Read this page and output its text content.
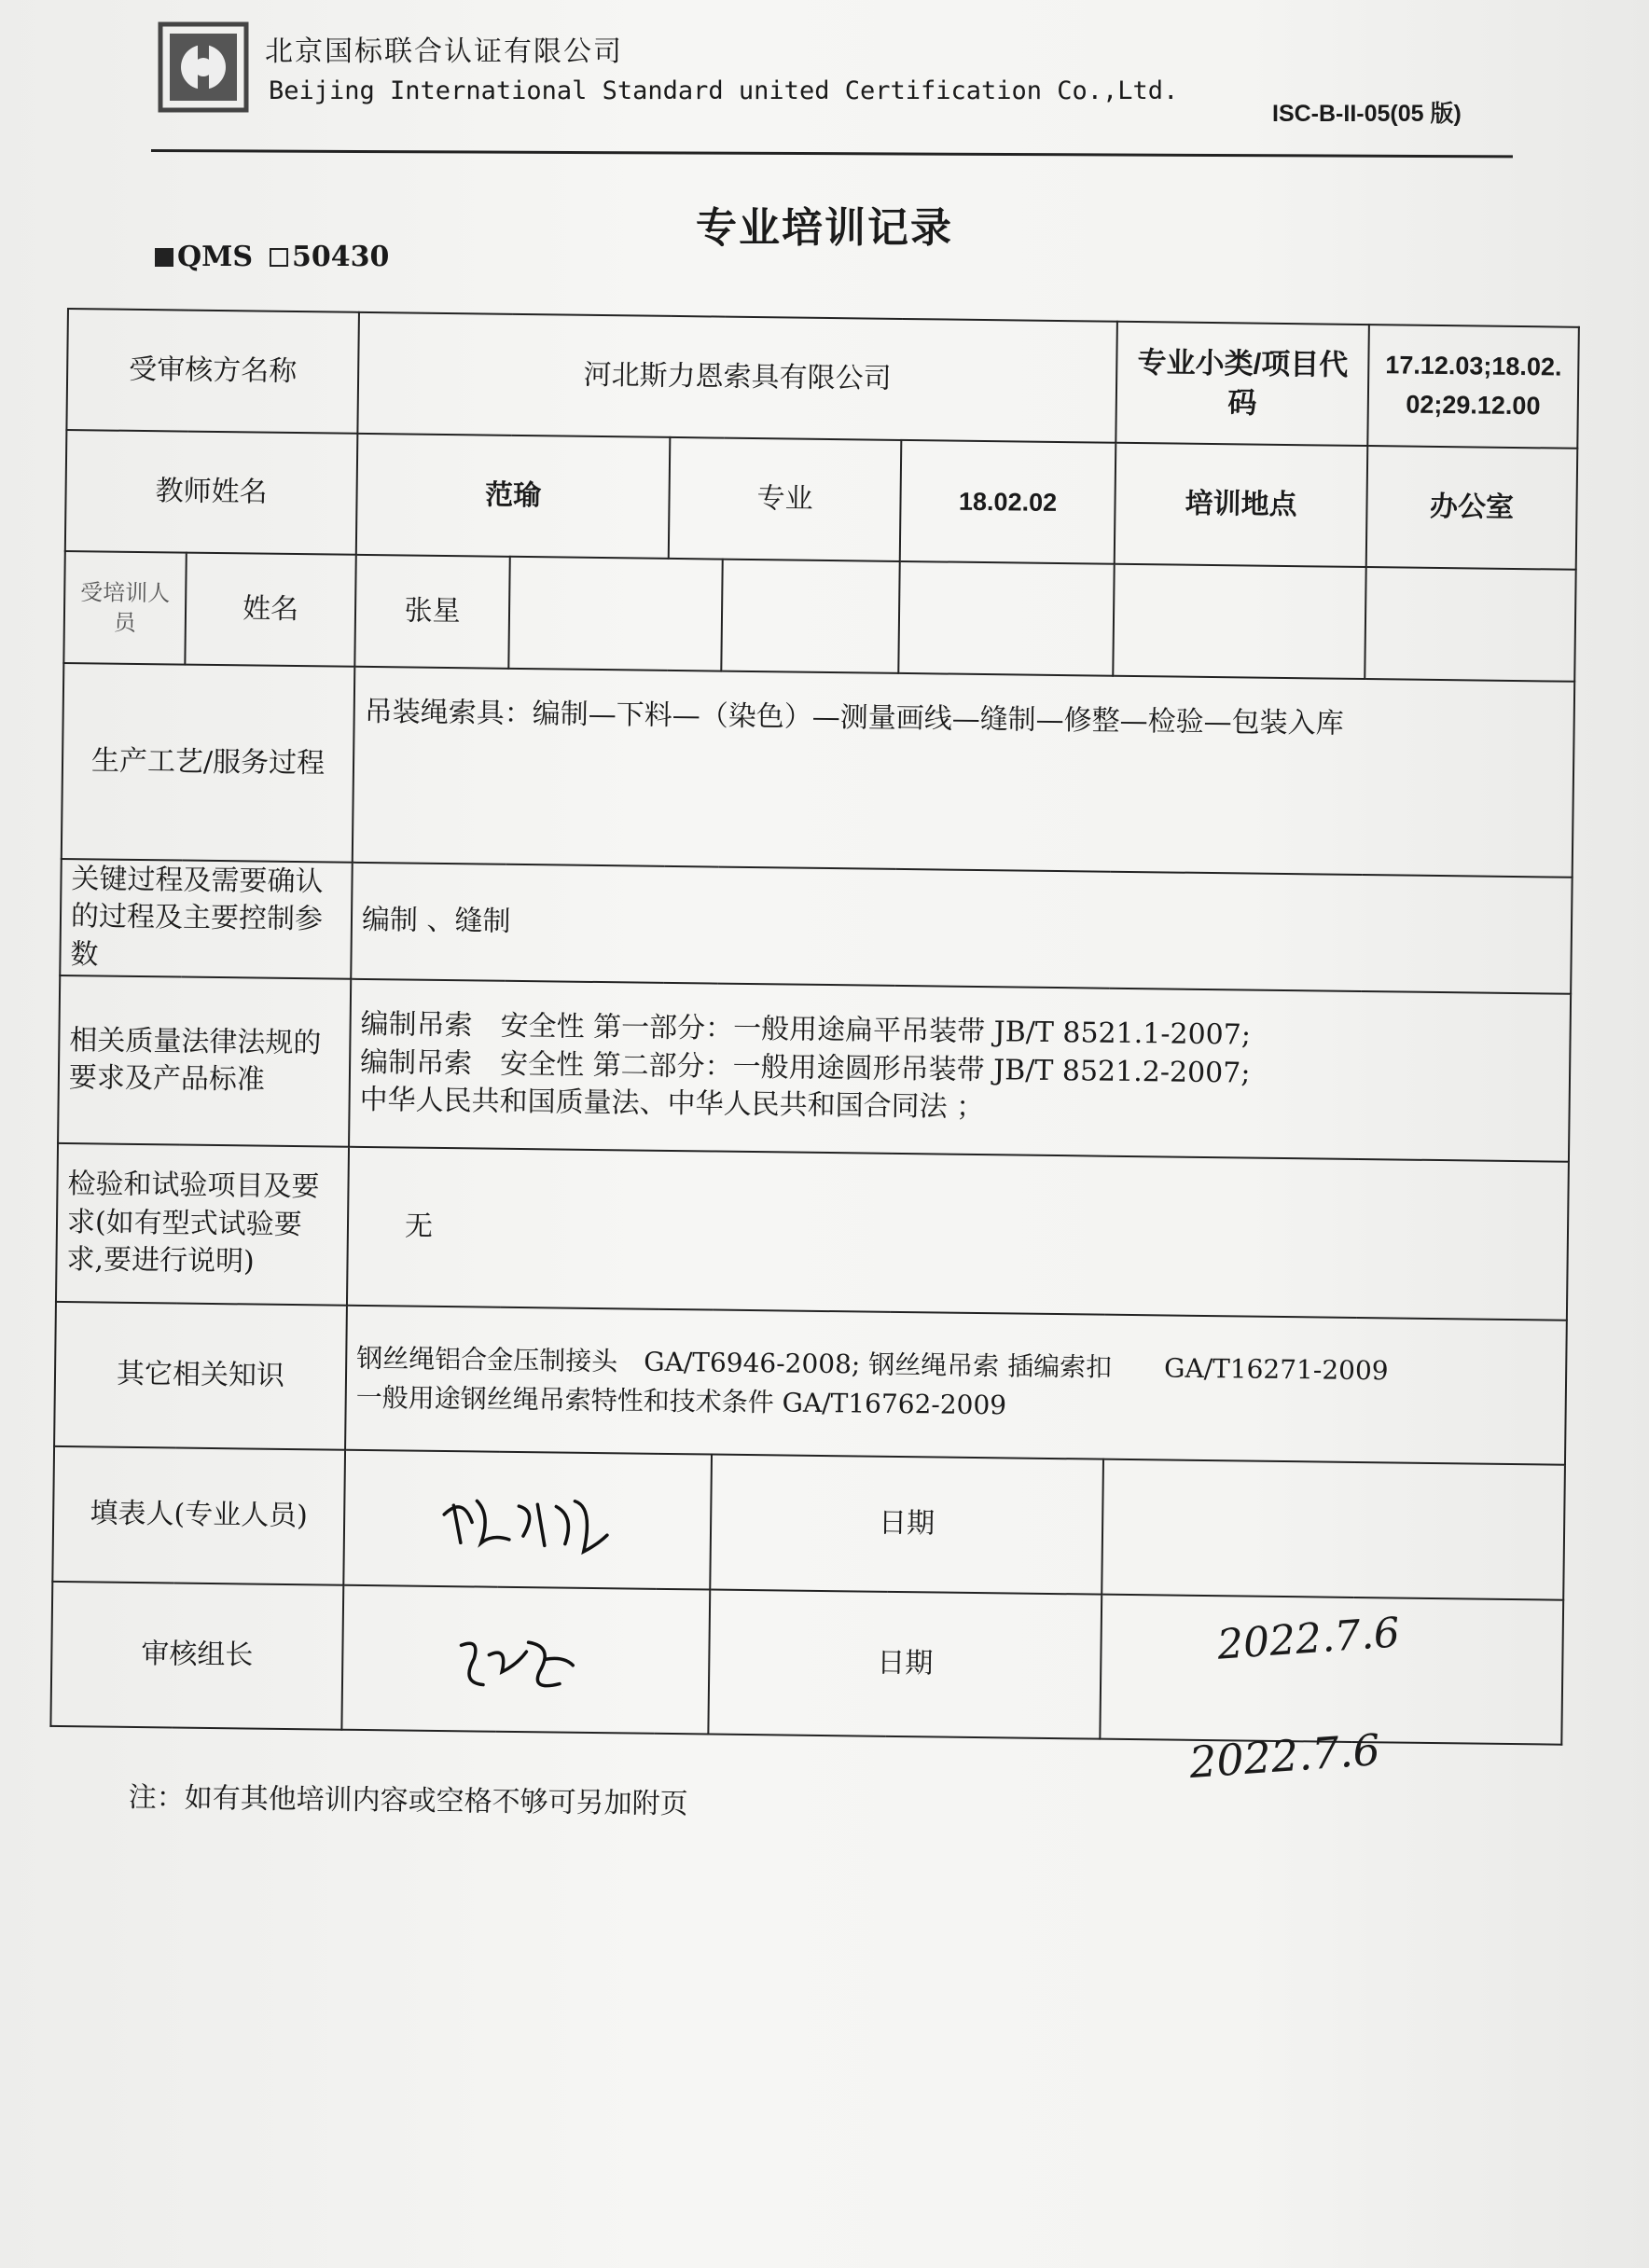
北京国标联合认证有限公司
Beijing International Standard united Certification Co.,Ltd.
ISC-B-II-05(05 版)
专业培训记录
QMS 50430
受审核方名称		河北斯力恩索具有限公司					专业小类/项目代码	17.12.03;18.02.02;29.12.00
教师姓名		范瑜		专业		18.02.02	培训地点	办公室
受培训人员	姓名	张星						
生产工艺/服务过程		吊装绳索具：编制—下料—（染色）—测量画线—缝制—修整—检验—包装入库						
关键过程及需要确认的过程及主要控制参数		编制 、缝制						
相关质量法律法规的要求及产品标准		编制吊索　安全性 第一部分：一般用途扁平吊装带 JB/T 8521.1-2007;
编制吊索　安全性 第二部分：一般用途圆形吊装带 JB/T 8521.2-2007;
中华人民共和国质量法、中华人民共和国合同法 ；						

检验和试验项目及要求(如有型式试验要求,要进行说明)		无						
其它相关知识		钢丝绳铝合金压制接头　GA/T6946-2008; 钢丝绳吊索 插编索扣　　GA/T16271-2009
一般用途钢丝绳吊索特性和技术条件 GA/T16762-2009						

填表人(专业人员)					日期			
审核组长					日期				2022.7.6
2022.7.6
注：如有其他培训内容或空格不够可另加附页
